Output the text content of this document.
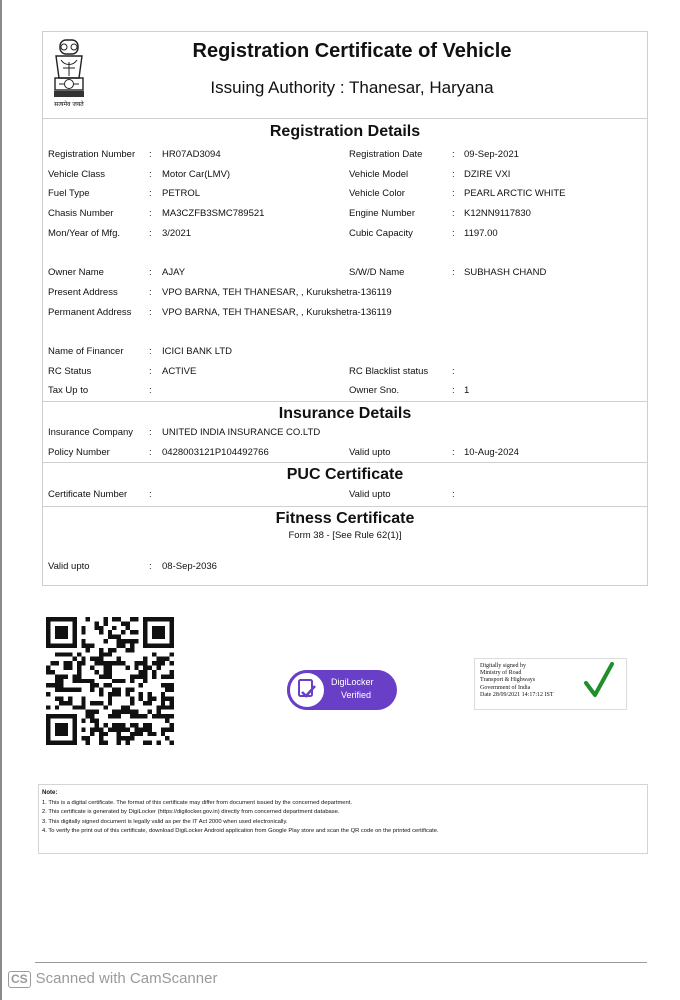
सत्यमेव जयते
Registration Certificate of Vehicle
Issuing Authority : Thanesar, Haryana
Registration Details
Registration Number : HR07AD3094	Registration Date	: 09-Sep-2021
Vehicle Class	: Motor Car(LMV)	Vehicle Model	: DZIRE VXI
Fuel Type	: PETROL	Vehicle Color	: PEARL ARCTIC WHITE
Chasis Number	: MA3CZFB3SMC789521	Engine Number	: K12NN9117830
Mon/Year of Mfg.	: 3/2021	Cubic Capacity	: 1197.00
Owner Name	: AJAY	S/W/D Name	: SUBHASH CHAND
Present Address	: VPO BARNA, TEH THANESAR, , Kurukshetra-136119
Permanent Address : VPO BARNA, TEH THANESAR, , Kurukshetra-136119
Name of Financer	: ICICI BANK LTD
RC Status	: ACTIVE	RC Blacklist status	:
Tax Up to	:	Owner Sno.	: 1
Insurance Details
Insurance Company : UNITED INDIA INSURANCE CO.LTD
Policy Number	: 0428003121P104492766	Valid upto	: 10-Aug-2024
PUC Certificate
Certificate Number :	Valid upto	:
Fitness Certificate
Form 38 - [See Rule 62(1)]
Valid upto	: 08-Sep-2036
DigiLocker
Verified
Digitally signed by
Ministry of Road
Transport & Highways
Government of India
Date 28/09/2021 14:17:12 IST
Note:
1. This is a digital certificate. The format of this certificate may differ from document issued by the concerned department.
2. This certificate is generated by DigiLocker (https://digilocker.gov.in) directly from concerned department database.
3. This digitally signed document is legally valid as per the IT Act 2000 when used electronically.
4. To verify the print out of this certificate, download DigiLocker Android application from Google Play store and scan the QR code on the printed certificate.
CS Scanned with CamScanner
